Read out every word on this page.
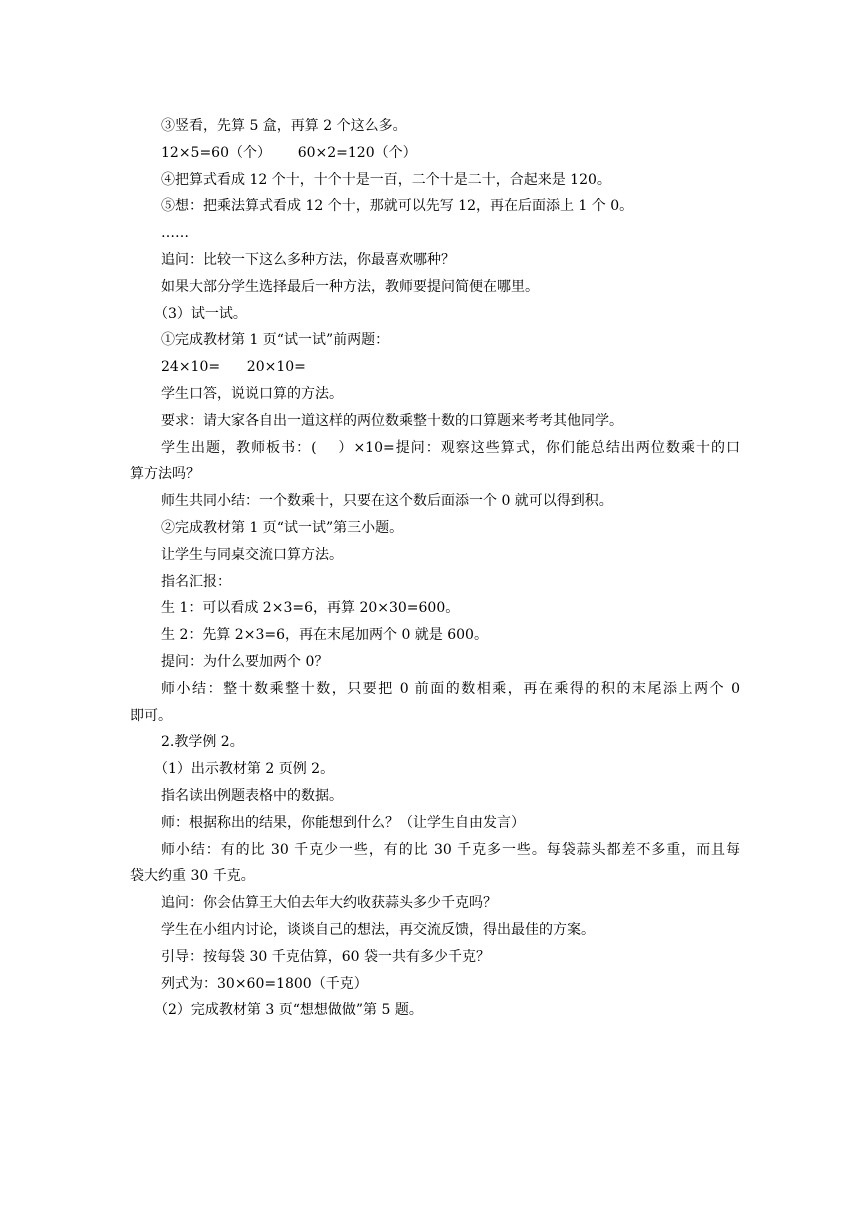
③竖看，先算 5 盒，再算 2 个这么多。
12×5=60（个）      60×2=120（个）
④把算式看成 12 个十，十个十是一百，二个十是二十，合起来是 120。
⑤想：把乘法算式看成 12 个十，那就可以先写 12，再在后面添上 1 个 0。
……
追问：比较一下这么多种方法，你最喜欢哪种？
如果大部分学生选择最后一种方法，教师要提问简便在哪里。
（3）试一试。
①完成教材第 1 页“试一试”前两题：
24×10=      20×10=
学生口答，说说口算的方法。
要求：请大家各自出一道这样的两位数乘整十数的口算题来考考其他同学。
学生出题，教师板书：(    ）×10=提问：观察这些算式，你们能总结出两位数乘十的口
算方法吗？
师生共同小结：一个数乘十，只要在这个数后面添一个 0 就可以得到积。
②完成教材第 1 页“试一试”第三小题。
让学生与同桌交流口算方法。
指名汇报：
生 1：可以看成 2×3=6，再算 20×30=600。
生 2：先算 2×3=6，再在末尾加两个 0 就是 600。
提问：为什么要加两个 0？
师小结：整十数乘整十数，只要把 0 前面的数相乘，再在乘得的积的末尾添上两个 0
即可。
2.教学例 2。
（1）出示教材第 2 页例 2。
指名读出例题表格中的数据。
师：根据称出的结果，你能想到什么？（让学生自由发言）
师小结：有的比 30 千克少一些，有的比 30 千克多一些。每袋蒜头都差不多重，而且每
袋大约重 30 千克。
追问：你会估算王大伯去年大约收获蒜头多少千克吗？
学生在小组内讨论，谈谈自己的想法，再交流反馈，得出最佳的方案。
引导：按每袋 30 千克估算，60 袋一共有多少千克？
列式为：30×60=1800（千克）
（2）完成教材第 3 页“想想做做”第 5 题。
